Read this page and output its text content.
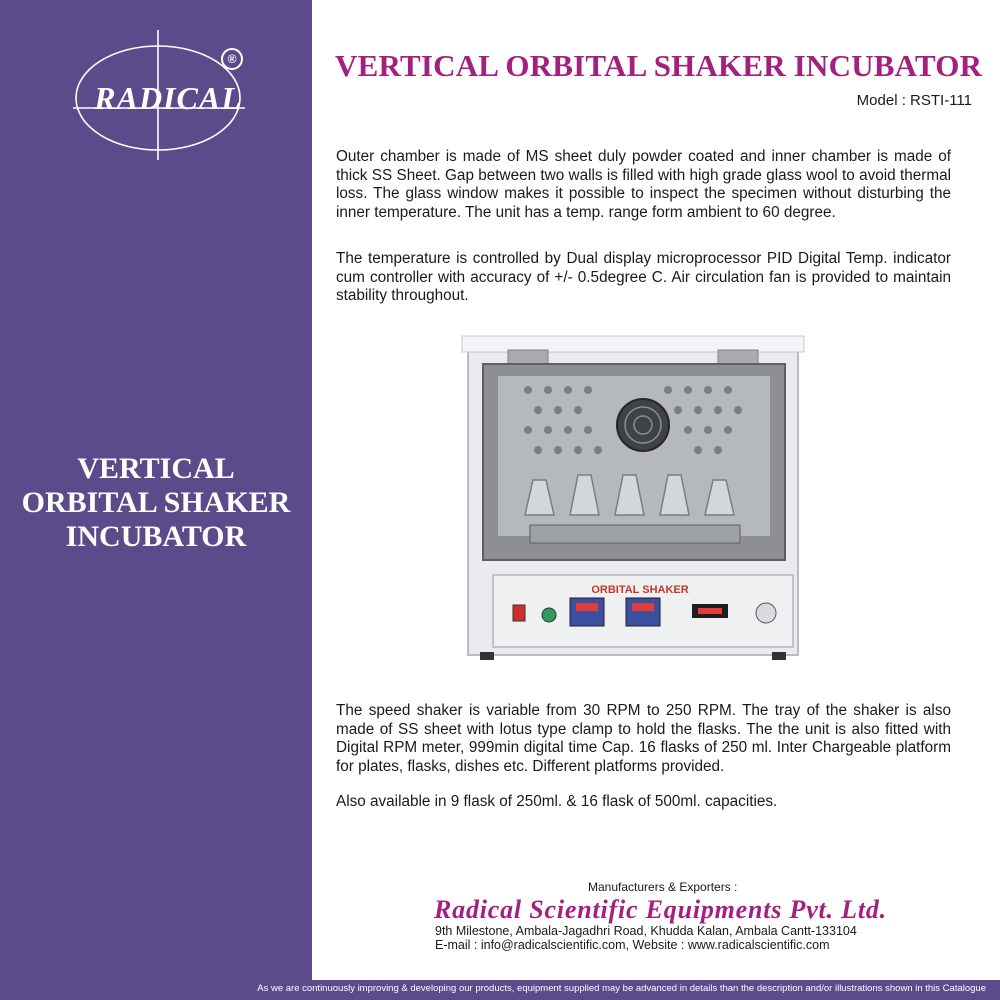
RADICAL
®
VERTICAL
ORBITAL SHAKER
INCUBATOR
VERTICAL ORBITAL SHAKER INCUBATOR
Model : RSTI-111

Outer chamber is made of MS sheet duly powder coated and inner chamber is made of thick SS Sheet. Gap between two walls is filled with high grade glass wool to avoid thermal loss. The glass window makes it possible to inspect the specimen without disturbing the inner temperature. The unit has a temp. range form ambient to 60 degree.

The temperature is controlled by Dual display microprocessor PID Digital Temp. indicator cum controller with accuracy of +/- 0.5degree C. Air circulation fan is provided to maintain stability throughout.

ORBITAL SHAKER

The speed shaker is variable from 30 RPM to 250 RPM. The tray of the shaker is also made of SS sheet with lotus type clamp to hold the flasks. The the unit is also fitted with Digital RPM meter, 999min digital time Cap. 16 flasks of 250 ml. Inter Chargeable platform for plates, flasks, dishes etc. Different platforms provided.

Also available in 9 flask of 250ml. & 16 flask of 500ml. capacities.
Manufacturers & Exporters :
Radical Scientific Equipments Pvt. Ltd.
9th Milestone, Ambala-Jagadhri Road, Khudda Kalan, Ambala Cantt-133104
E-mail : info@radicalscientific.com, Website : www.radicalscientific.com
As we are continuously improving & developing our products, equipment supplied may be advanced in details than the description and/or illustrations shown in this Catalogue
